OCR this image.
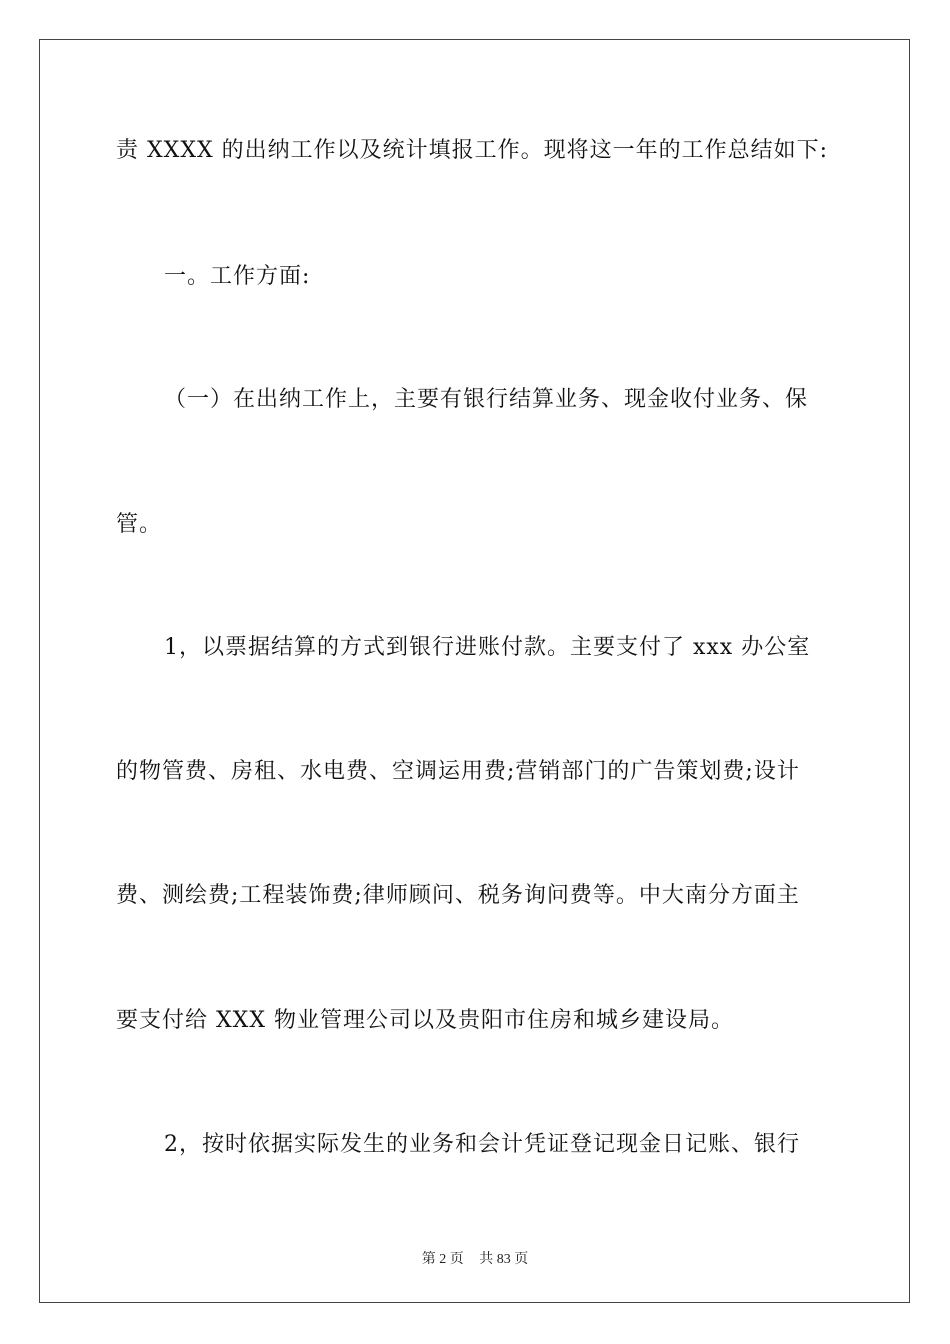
责 XXXX 的出纳工作以及统计填报工作。现将这一年的工作总结如下:
一。工作方面:
（一）在出纳工作上，主要有银行结算业务、现金收付业务、保
管。
1，以票据结算的方式到银行进账付款。主要支付了 xxx 办公室
的物管费、房租、水电费、空调运用费;营销部门的广告策划费;设计
费、测绘费;工程装饰费;律师顾问、税务询问费等。中大南分方面主
要支付给 XXX 物业管理公司以及贵阳市住房和城乡建设局。
2，按时依据实际发生的业务和会计凭证登记现金日记账、银行
第 2 页 共 83 页
